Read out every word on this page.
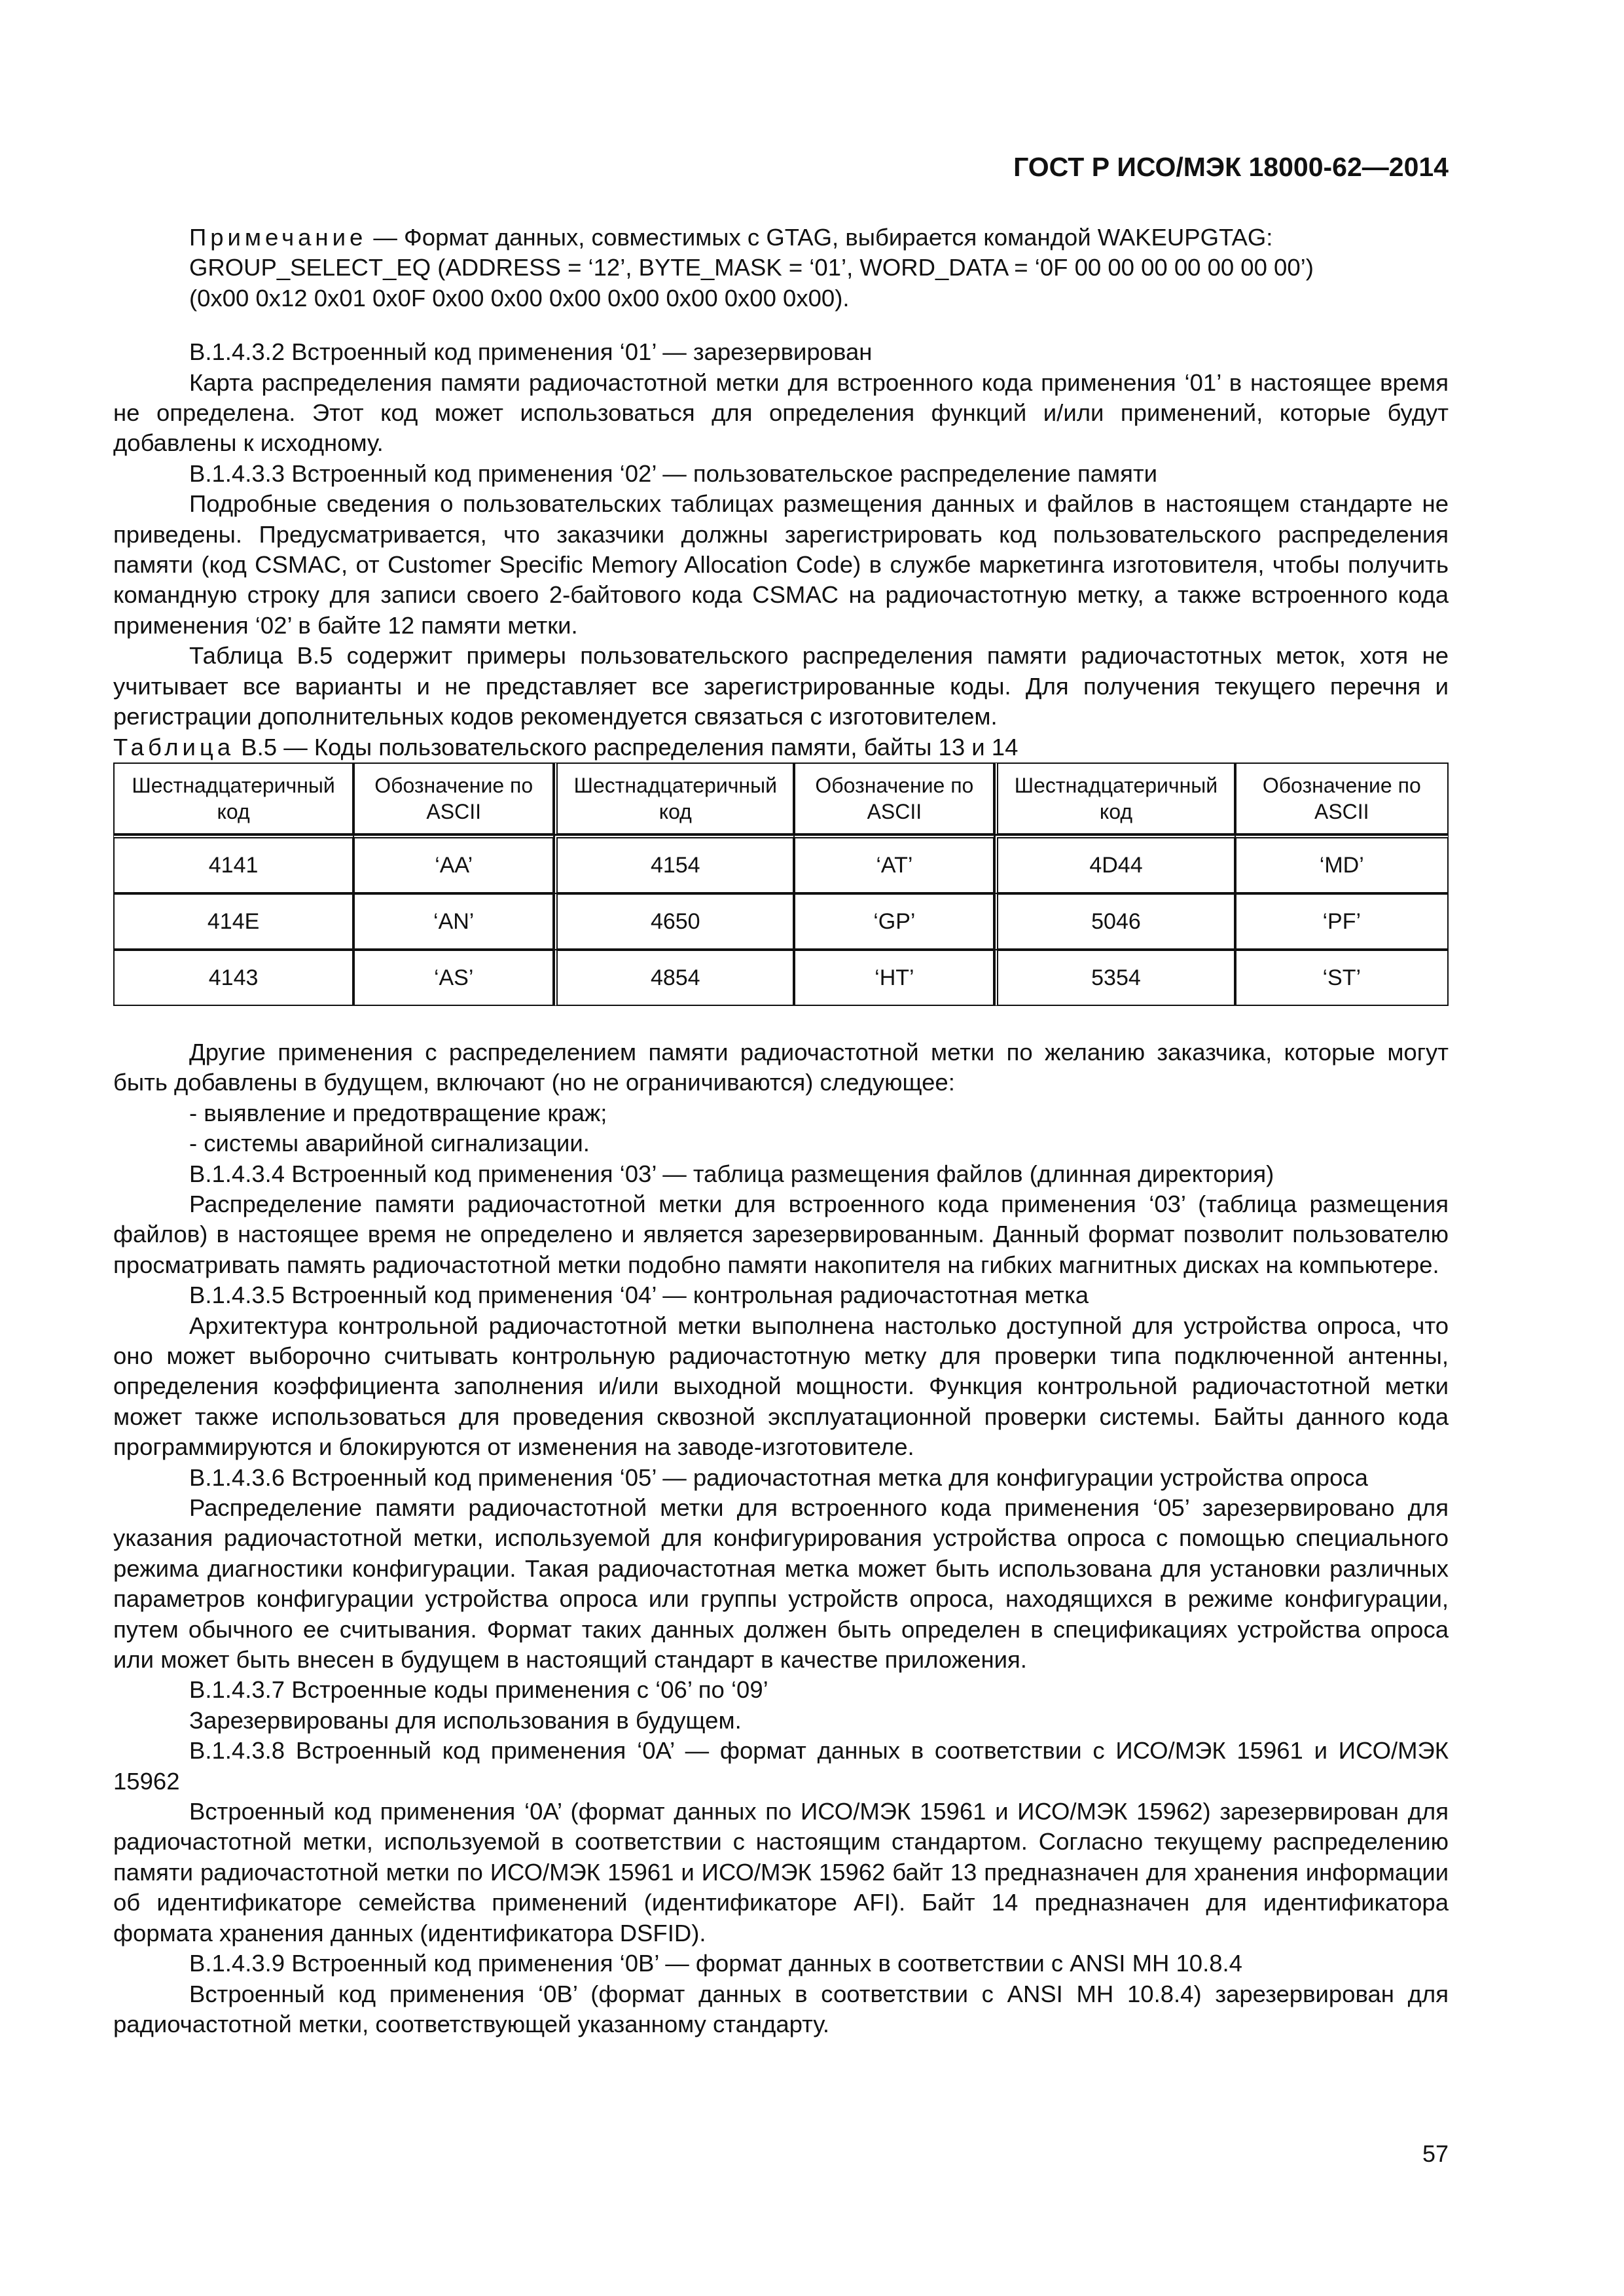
ГОСТ Р ИСО/МЭК 18000-62—2014

Примечание — Формат данных, совместимых с GTAG, выбирается командой WAKEUPGTAG:

GROUP_SELECT_EQ (ADDRESS = ‘12’, BYTE_MASK = ‘01’, WORD_DATA = ‘0F 00 00 00 00 00 00 00’)

(0x00 0x12 0x01 0x0F 0x00 0x00 0x00 0x00 0x00 0x00 0x00).

B.1.4.3.2 Встроенный код применения ‘01’ — зарезервирован

Карта распределения памяти радиочастотной метки для встроенного кода применения ‘01’ в настоящее время не определена. Этот код может использоваться для определения функций и/или применений, которые будут добавлены к исходному.

B.1.4.3.3 Встроенный код применения ‘02’ — пользовательское распределение памяти

Подробные сведения о пользовательских таблицах размещения данных и файлов в настоящем стандарте не приведены. Предусматривается, что заказчики должны зарегистрировать код пользовательского распределения памяти (код CSMAC, от Customer Specific Memory Allocation Code) в службе маркетинга изготовителя, чтобы получить командную строку для записи своего 2-байтового кода CSMAC на радиочастотную метку, а также встроенного кода применения ‘02’ в байте 12 памяти метки.

Таблица B.5 содержит примеры пользовательского распределения памяти радиочастотных меток, хотя не учитывает все варианты и не представляет все зарегистрированные коды. Для получения текущего перечня и регистрации дополнительных кодов рекомендуется связаться с изготовителем.

Таблица B.5 — Коды пользовательского распределения памяти, байты 13 и 14

Шестнадцатеричный код	Обозначение по ASCII	Шестнадцатеричный код	Обозначение по ASCII	Шестнадцатеричный код	Обозначение по ASCII
4141	‘AA’	4154	‘AT’	4D44	‘MD’
414E	‘AN’	4650	‘GP’	5046	‘PF’
4143	‘AS’	4854	‘HT’	5354	‘ST’

Другие применения с распределением памяти радиочастотной метки по желанию заказчика, которые могут быть добавлены в будущем, включают (но не ограничиваются) следующее:

- выявление и предотвращение краж;

- системы аварийной сигнализации.

B.1.4.3.4 Встроенный код применения ‘03’ — таблица размещения файлов (длинная директория)

Распределение памяти радиочастотной метки для встроенного кода применения ‘03’ (таблица размещения файлов) в настоящее время не определено и является зарезервированным. Данный формат позволит пользователю просматривать память радиочастотной метки подобно памяти накопителя на гибких магнитных дисках на компьютере.

B.1.4.3.5 Встроенный код применения ‘04’ — контрольная радиочастотная метка

Архитектура контрольной радиочастотной метки выполнена настолько доступной для устройства опроса, что оно может выборочно считывать контрольную радиочастотную метку для проверки типа подключенной антенны, определения коэффициента заполнения и/или выходной мощности. Функция контрольной радиочастотной метки может также использоваться для проведения сквозной эксплуатационной проверки системы. Байты данного кода программируются и блокируются от изменения на заводе-изготовителе.

B.1.4.3.6 Встроенный код применения ‘05’ — радиочастотная метка для конфигурации устройства опроса

Распределение памяти радиочастотной метки для встроенного кода применения ‘05’ зарезервировано для указания радиочастотной метки, используемой для конфигурирования устройства опроса с помощью специального режима диагностики конфигурации. Такая радиочастотная метка может быть использована для установки различных параметров конфигурации устройства опроса или группы устройств опроса, находящихся в режиме конфигурации, путем обычного ее считывания. Формат таких данных должен быть определен в спецификациях устройства опроса или может быть внесен в будущем в настоящий стандарт в качестве приложения.

B.1.4.3.7 Встроенные коды применения с ‘06’ по ‘09’

Зарезервированы для использования в будущем.

B.1.4.3.8 Встроенный код применения ‘0A’ — формат данных в соответствии с ИСО/МЭК 15961 и ИСО/МЭК 15962

Встроенный код применения ‘0A’ (формат данных по ИСО/МЭК 15961 и ИСО/МЭК 15962) зарезервирован для радиочастотной метки, используемой в соответствии с настоящим стандартом. Согласно текущему распределению памяти радиочастотной метки по ИСО/МЭК 15961 и ИСО/МЭК 15962 байт 13 предназначен для хранения информации об идентификаторе семейства применений (идентификаторе AFI). Байт 14 предназначен для идентификатора формата хранения данных (идентификатора DSFID).

B.1.4.3.9 Встроенный код применения ‘0B’ — формат данных в соответствии с ANSI MH 10.8.4

Встроенный код применения ‘0B’ (формат данных в соответствии с ANSI MH 10.8.4) зарезервирован для радиочастотной метки, соответствующей указанному стандарту.

57
